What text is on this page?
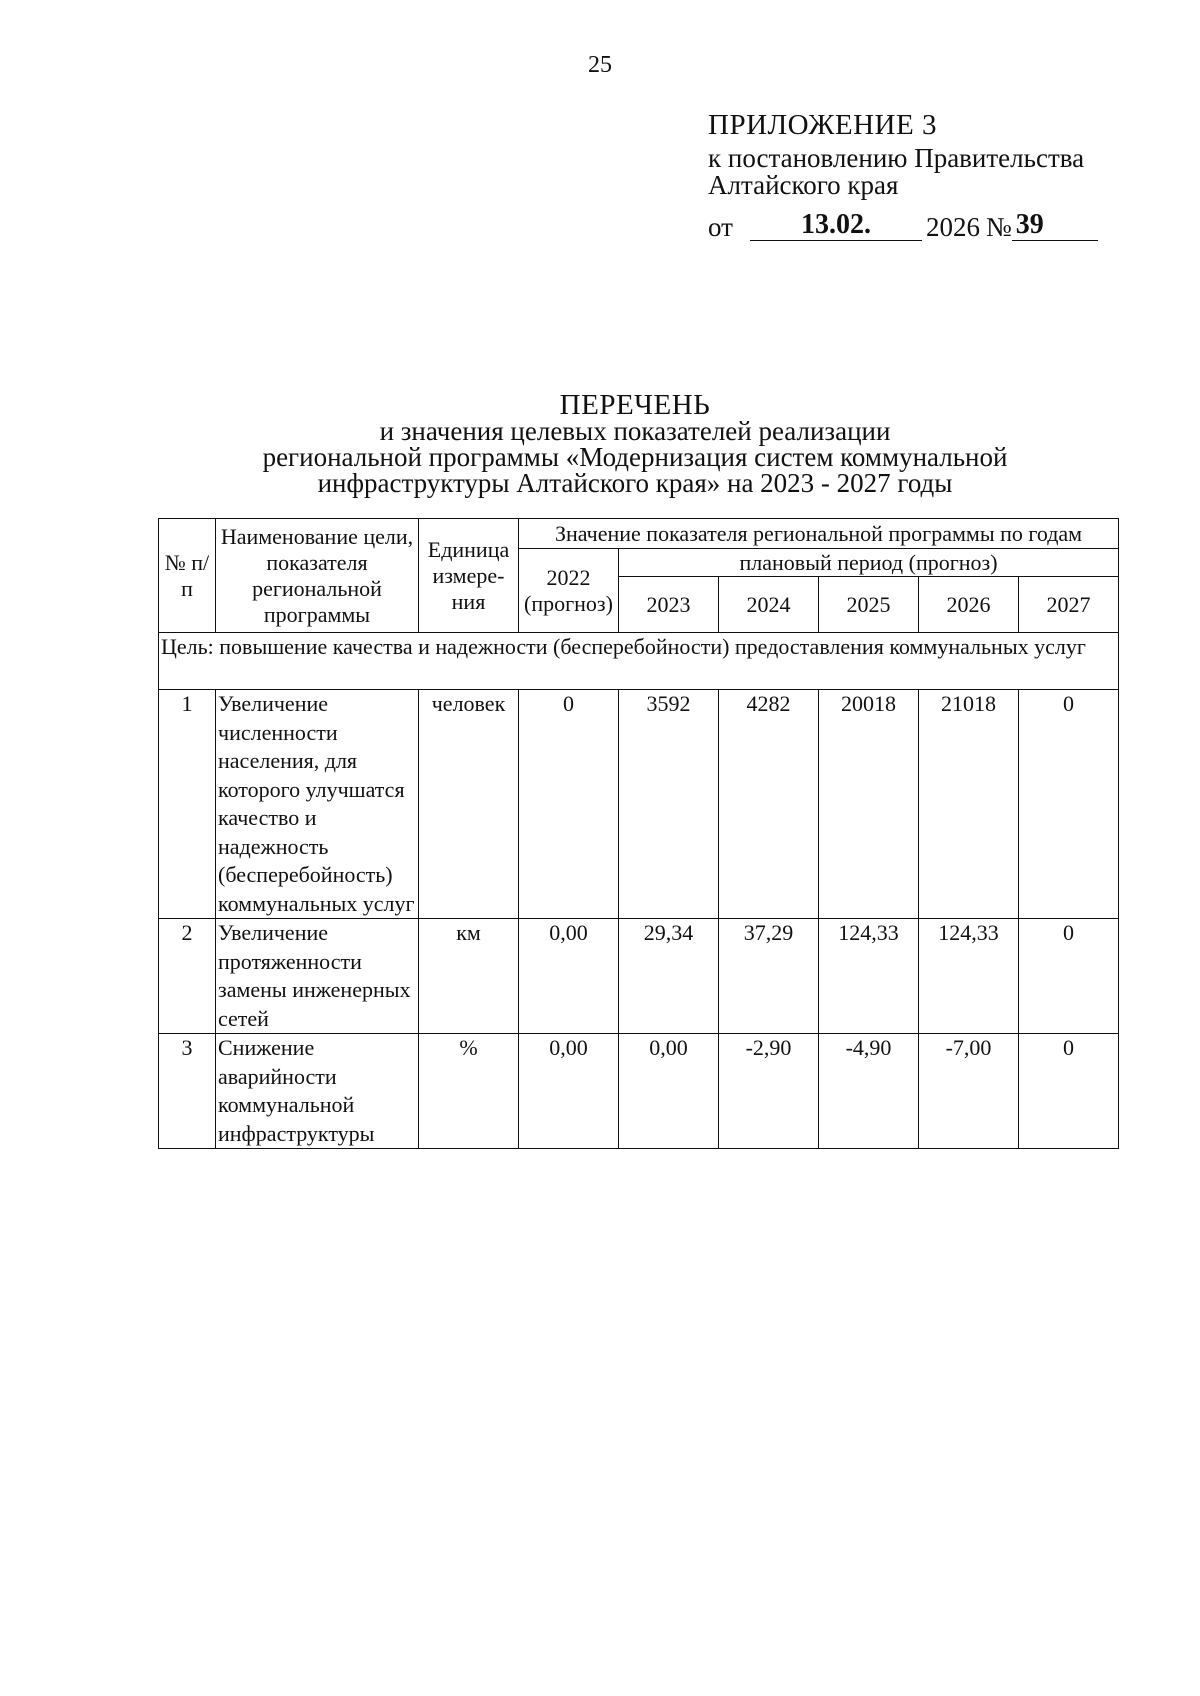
25
ПРИЛОЖЕНИЕ 3
к постановлению Правительства
Алтайского края
от	13.02.	2026 № 39
ПЕРЕЧЕНЬ
и значения целевых показателей реализации
региональной программы «Модернизация систем коммунальной
инфраструктуры Алтайского края» на 2023 - 2027 годы
№ п/п	Наименование цели, показателя региональной программы	Единица измере-ния	Значение показателя региональной программы по годам					
			2022 (прогноз)	плановый период (прогноз)				
				2023	2024	2025	2026	2027
Цель: повышение качества и надежности (бесперебойности) предоставления коммунальных услуг								
1	Увеличение численности населения, для которого улучшатся качество и надежность (бесперебойность) коммунальных услуг	человек	0	3592	4282	20018	21018	0
2	Увеличение протяженности замены инженерных сетей	км	0,00	29,34	37,29	124,33	124,33	0
3	Снижение аварийности коммунальной инфраструктуры	%	0,00	0,00	-2,90	-4,90	-7,00	0
